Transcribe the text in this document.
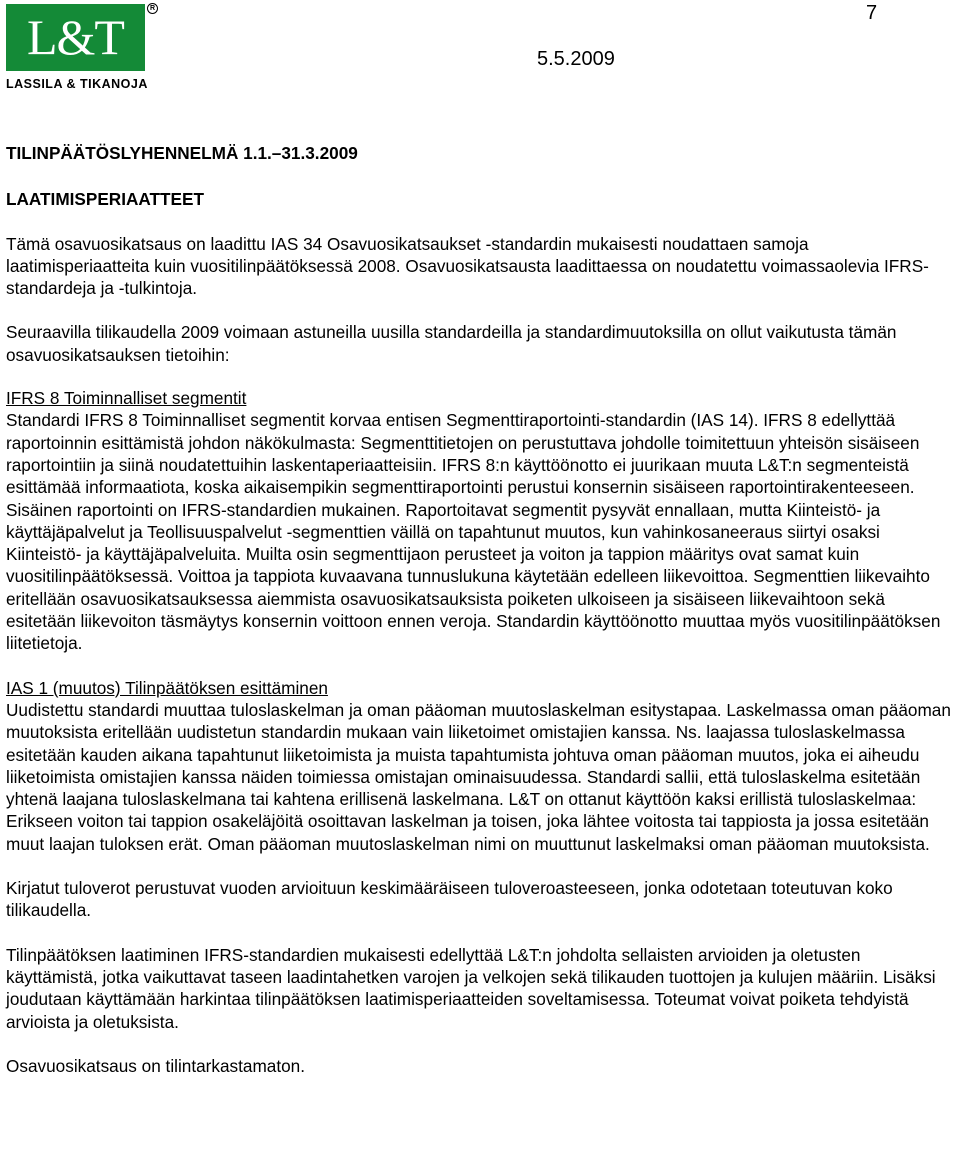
7
L&T
R
LASSILA & TIKANOJA
5.5.2009

TILINPÄÄTÖSLYHENNELMÄ 1.1.–31.3.2009

LAATIMISPERIAATTEET

Tämä osavuosikatsaus on laadittu IAS 34 Osavuosikatsaukset -standardin mukaisesti noudattaen samoja laatimisperiaatteita kuin vuositilinpäätöksessä 2008. Osavuosikatsausta laadittaessa on noudatettu voimassaolevia IFRS-standardeja ja -tulkintoja.

Seuraavilla tilikaudella 2009 voimaan astuneilla uusilla standardeilla ja standardimuutoksilla on ollut vaikutusta tämän osavuosikatsauksen tietoihin:

IFRS 8 Toiminnalliset segmentit

Standardi IFRS 8 Toiminnalliset segmentit korvaa entisen Segmenttiraportointi-standardin (IAS 14). IFRS 8 edellyttää raportoinnin esittämistä johdon näkökulmasta: Segmenttitietojen on perustuttava johdolle toimitettuun yhteisön sisäiseen raportointiin ja siinä noudatettuihin laskentaperiaatteisiin. IFRS 8:n käyttöönotto ei juurikaan muuta L&T:n segmenteistä esittämää informaatiota, koska aikaisempikin segmenttiraportointi perustui konsernin sisäiseen raportointirakenteeseen. Sisäinen raportointi on IFRS-standardien mukainen. Raportoitavat segmentit pysyvät ennallaan, mutta Kiinteistö- ja käyttäjäpalvelut ja Teollisuuspalvelut -segmenttien väillä on tapahtunut muutos, kun vahinkosaneeraus siirtyi osaksi Kiinteistö- ja käyttäjäpalveluita. Muilta osin segmenttijaon perusteet ja voiton ja tappion määritys ovat samat kuin vuositilinpäätöksessä. Voittoa ja tappiota kuvaavana tunnuslukuna käytetään edelleen liikevoittoa. Segmenttien liikevaihto eritellään osavuosikatsauksessa aiemmista osavuosikatsauksista poiketen ulkoiseen ja sisäiseen liikevaihtoon sekä esitetään liikevoiton täsmäytys konsernin voittoon ennen veroja. Standardin käyttöönotto muuttaa myös vuositilinpäätöksen liitetietoja.

IAS 1 (muutos) Tilinpäätöksen esittäminen

Uudistettu standardi muuttaa tuloslaskelman ja oman pääoman muutoslaskelman esitystapaa. Laskelmassa oman pääoman muutoksista eritellään uudistetun standardin mukaan vain liiketoimet omistajien kanssa. Ns. laajassa tuloslaskelmassa esitetään kauden aikana tapahtunut liiketoimista ja muista tapahtumista johtuva oman pääoman muutos, joka ei aiheudu liiketoimista omistajien kanssa näiden toimiessa omistajan ominaisuudessa. Standardi sallii, että tuloslaskelma esitetään yhtenä laajana tuloslaskelmana tai kahtena erillisenä laskelmana. L&T on ottanut käyttöön kaksi erillistä tuloslaskelmaa: Erikseen voiton tai tappion osakeläjöitä osoittavan laskelman ja toisen, joka lähtee voitosta tai tappiosta ja jossa esitetään muut laajan tuloksen erät. Oman pääoman muutoslaskelman nimi on muuttunut laskelmaksi oman pääoman muutoksista.

Kirjatut tuloverot perustuvat vuoden arvioituun keskimääräiseen tuloveroasteeseen, jonka odotetaan toteutuvan koko tilikaudella.

Tilinpäätöksen laatiminen IFRS-standardien mukaisesti edellyttää L&T:n johdolta sellaisten arvioiden ja oletusten käyttämistä, jotka vaikuttavat taseen laadintahetken varojen ja velkojen sekä tilikauden tuottojen ja kulujen määriin. Lisäksi joudutaan käyttämään harkintaa tilinpäätöksen laatimisperiaatteiden soveltamisessa. Toteumat voivat poiketa tehdyistä arvioista ja oletuksista.

Osavuosikatsaus on tilintarkastamaton.
